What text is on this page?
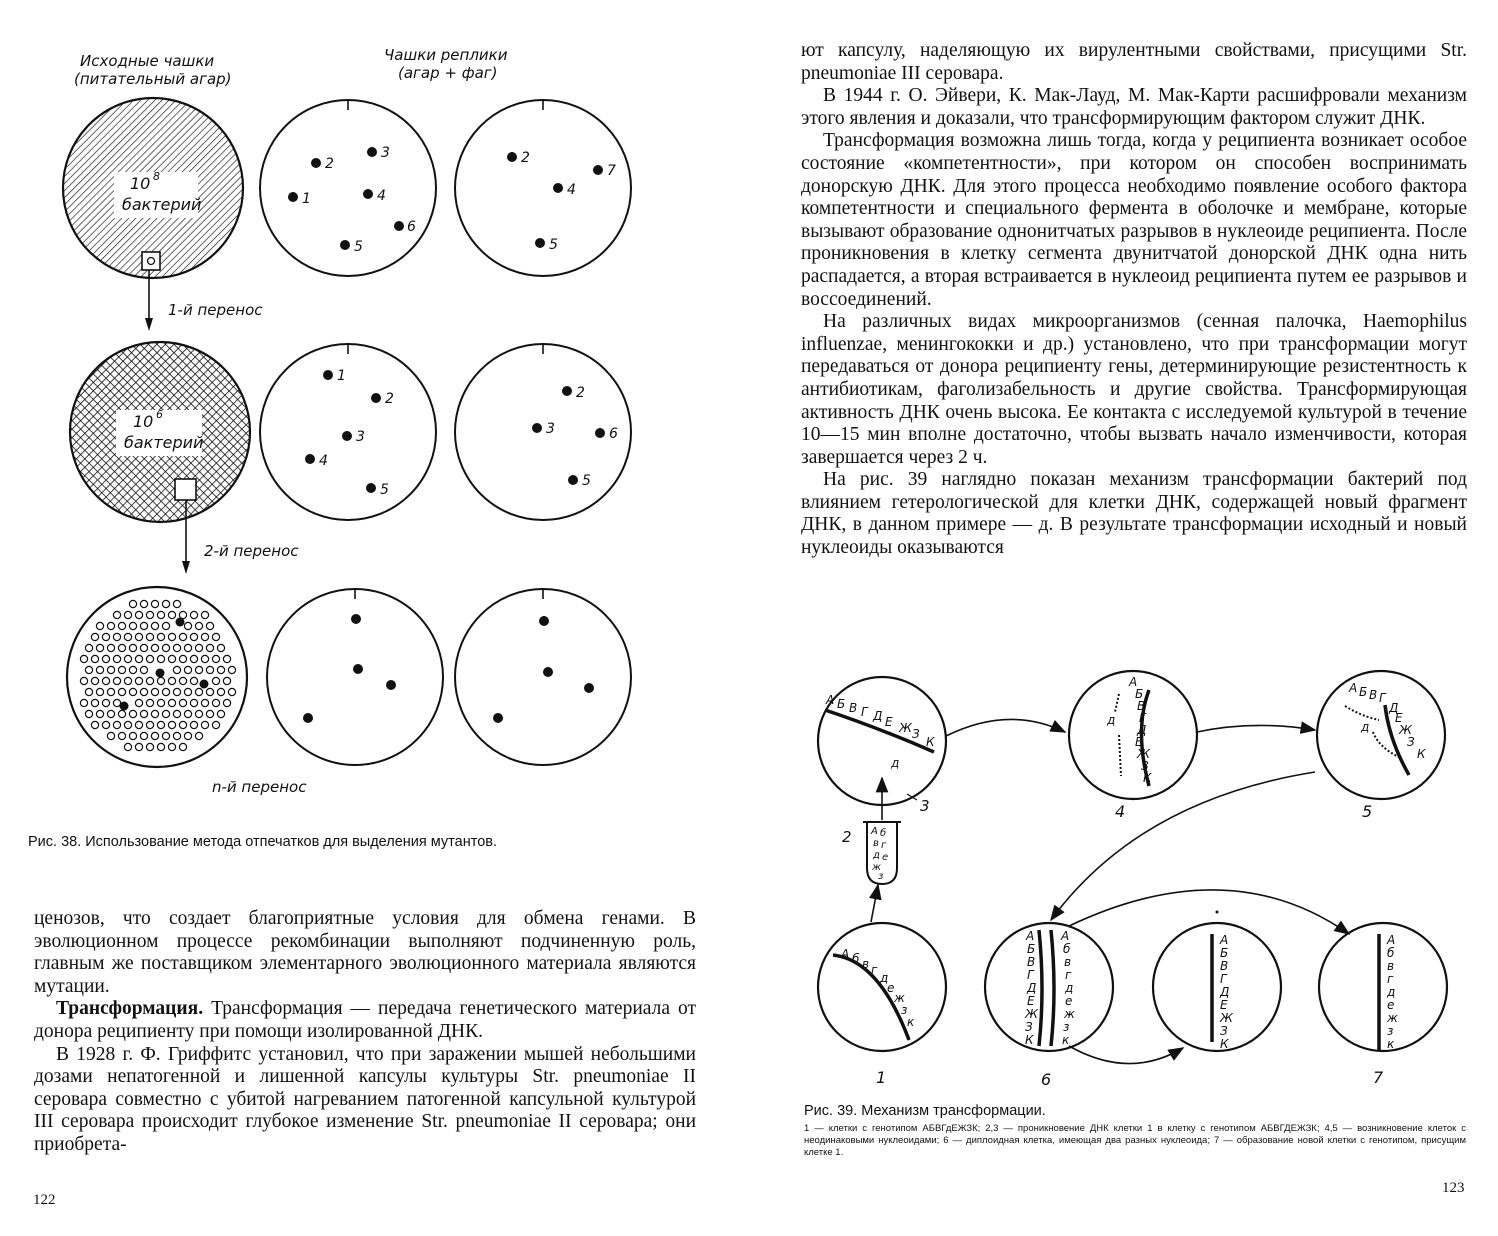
Исходные чашки
(питательный агар)
Чашки реплики
(агар + фаг)
10 8
бактерий
1-й перенос
2
3
1	4
6
5
2
7
4
5
10 6
бактерий
2-й перенос
1
2
3
4
5
2
3	6
5
n-й перенос
Рис. 38. Использование метода отпечатков для выделения мутантов.
ценозов, что создает благоприятные условия для обмена генами. В эволюционном процессе рекомбинации выполняют подчиненную роль, главным же поставщиком элементарного эволюционного материала являются мутации.

Трансформация. Трансформация — передача генетического материала от донора реципиенту при помощи изолированной ДНК.

В 1928 г. Ф. Гриффитс установил, что при заражении мышей небольшими дозами непатогенной и лишенной капсулы культуры Str. pneumoniae II серовара совместно с убитой нагреванием патогенной капсульной культурой III серовара происходит глубокое изменение Str. pneumoniae II серовара; они приобрета-

122
ют капсулу, наделяющую их вирулентными свойствами, присущими Str. pneumoniae III серовара.

В 1944 г. О. Эйвери, К. Мак-Лауд, М. Мак-Карти расшифровали механизм этого явления и доказали, что трансформирующим фактором служит ДНК.

Трансформация возможна лишь тогда, когда у реципиента возникает особое состояние «компетентности», при котором он способен воспринимать донорскую ДНК. Для этого процесса необходимо появление особого фактора компетентности и специального фермента в оболочке и мембране, которые вызывают образование однонитчатых разрывов в нуклеоиде реципиента. После проникновения в клетку сегмента двунитчатой донорской ДНК одна нить распадается, а вторая встраивается в нуклеоид реципиента путем ее разрывов и воссоединений.

На различных видах микроорганизмов (сенная палочка, Haemophilus influenzae, менингококки и др.) установлено, что при трансформации могут передаваться от донора реципиенту гены, детерминирующие резистентность к антибиотикам, фаголизабельность и другие свойства. Трансформирующая активность ДНК очень высока. Ее контакта с исследуемой культурой в течение 10—15 мин вполне достаточно, чтобы вызвать начало изменчивости, которая завершается через 2 ч.

На рис. 39 наглядно показан механизм трансформации бактерий под влиянием гетерологической для клетки ДНК, содержащей новый фрагмент ДНК, в данном примере — д. В результате трансформации исходный и новый нуклеоиды оказываются

А б в г д е ж з
А Б В Г Д Е ЖЗК
д
д
А Б В Г Д Е Ж З К
д
А Б В ГД Е Ж ЗК
А б в гд еж зк
А Б В Г Д Е Ж З К
А б в г д е ж з к
А Б В Г Д Е Ж З К
А б в г д е ж з к
3
2
4	5
1	6	7
Рис. 39. Механизм трансформации.
1 — клетки с генотипом АБВГдЕЖЗК; 2,3 — проникновение ДНК клетки 1 в клетку с генотипом АБВГДЕЖЗК; 4,5 — возникновение клеток с неодинаковыми нуклеоидами; 6 — диплоидная клетка, имеющая два разных нуклеоида; 7 — образование новой клетки с генотипом, присущим клетке 1.
123
